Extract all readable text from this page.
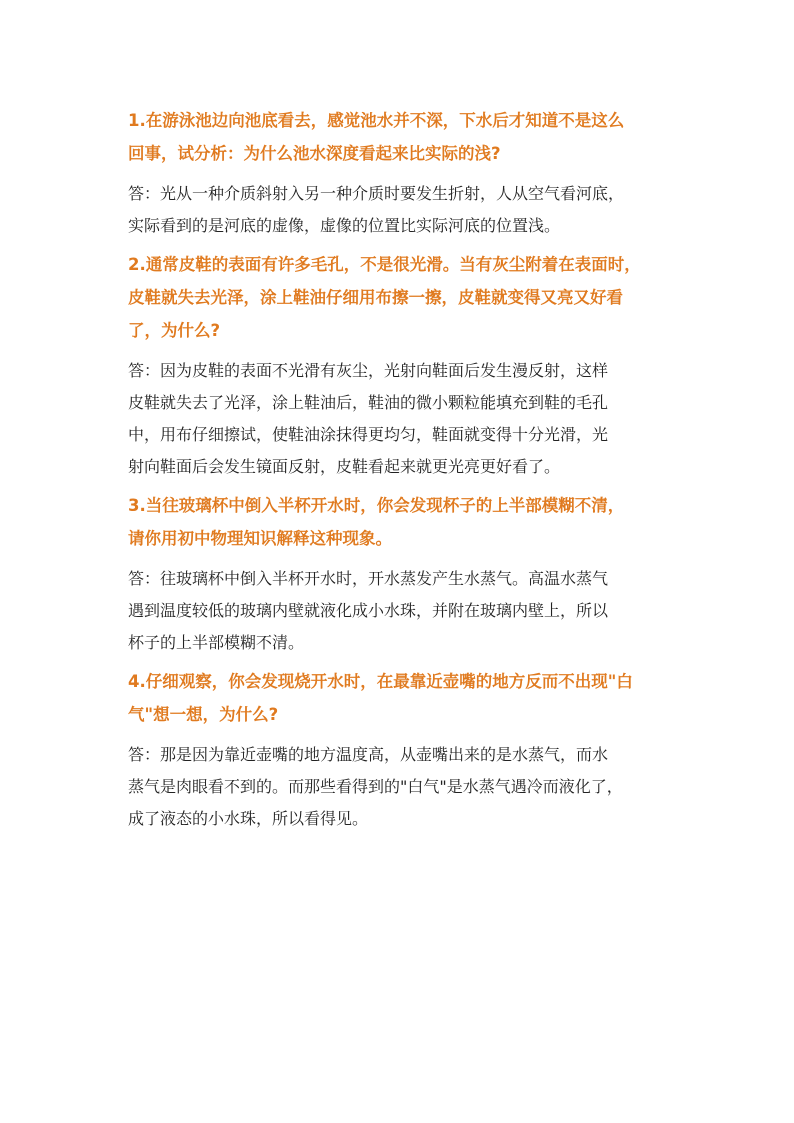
1.在游泳池边向池底看去，感觉池水并不深，下水后才知道不是这么
回事，试分析：为什么池水深度看起来比实际的浅?

答：光从一种介质斜射入另一种介质时要发生折射，人从空气看河底，
实际看到的是河底的虚像，虚像的位置比实际河底的位置浅。

2.通常皮鞋的表面有许多毛孔，不是很光滑。当有灰尘附着在表面时，
皮鞋就失去光泽，涂上鞋油仔细用布擦一擦，皮鞋就变得又亮又好看
了，为什么?

答：因为皮鞋的表面不光滑有灰尘，光射向鞋面后发生漫反射，这样
皮鞋就失去了光泽，涂上鞋油后，鞋油的微小颗粒能填充到鞋的毛孔
中，用布仔细擦试，使鞋油涂抹得更均匀，鞋面就变得十分光滑，光
射向鞋面后会发生镜面反射，皮鞋看起来就更光亮更好看了。

3.当往玻璃杯中倒入半杯开水时，你会发现杯子的上半部模糊不清，
请你用初中物理知识解释这种现象。

答：往玻璃杯中倒入半杯开水时，开水蒸发产生水蒸气。高温水蒸气
遇到温度较低的玻璃内壁就液化成小水珠，并附在玻璃内壁上，所以
杯子的上半部模糊不清。

4.仔细观察，你会发现烧开水时，在最靠近壶嘴的地方反而不出现"白
气"想一想，为什么?

答：那是因为靠近壶嘴的地方温度高，从壶嘴出来的是水蒸气，而水
蒸气是肉眼看不到的。而那些看得到的"白气"是水蒸气遇冷而液化了，
成了液态的小水珠，所以看得见。
